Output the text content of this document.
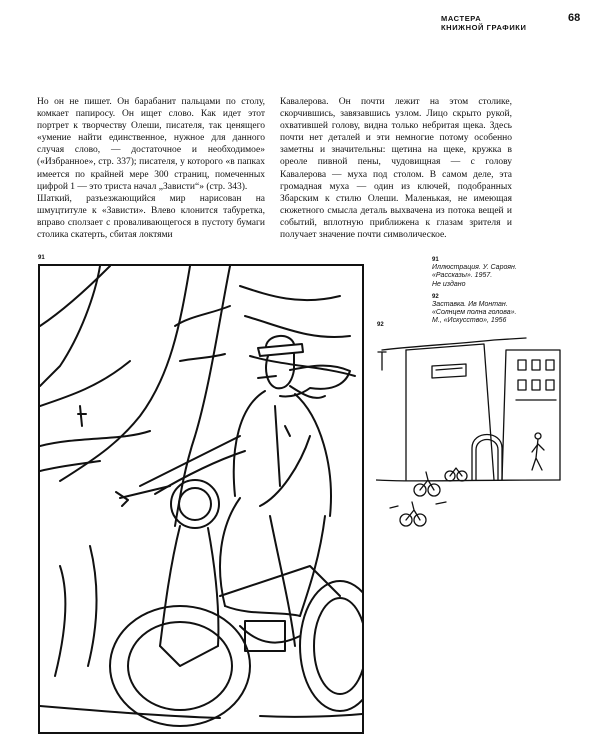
МАСТЕРА
КНИЖНОЙ ГРАФИКИ
68

Но он не пишет. Он барабанит пальцами по столу, комкает папиросу. Он ищет слово. Как идет этот портрет к творчеству Олеши, писателя, так ценящего «умение найти единственное, нужное для данного случая слово, — достаточное и необходимое» («Избранное», стр. 337); писателя, у которого «в папках имеется по крайней мере 300 страниц, помеченных цифрой 1 — это триста начал „Зависти“» (стр. 343).

Шаткий, разъезжающийся мир нарисован на шмуцтитуле к «Зависти». Влево клонится табуретка, вправо сползает с проваливающегося в пустоту бумаги столика скатерть, сбитая локтями

Кавалерова. Он почти лежит на этом столике, скорчившись, завязавшись узлом. Лицо скрыто рукой, охватившей голову, видна только небритая щека. Здесь почти нет деталей и эти немногие потому особенно заметны и значительны: щетина на щеке, кружка в ореоле пивной пены, чудовищная — с голову Кавалерова — муха под столом. В самом деле, эта громадная муха — один из ключей, подобранных Збарским к стилю Олеши. Маленькая, не имеющая сюжетного смысла деталь выхвачена из потока вещей и событий, вплотную приближена к глазам зрителя и получает значение почти символическое.

91
92
91
Иллюстрация. У. Сароян.
«Рассказы». 1957.
Не издано
92
Заставка. Ив Монтан.
«Солнцем полна голова».
М., «Искусство», 1956
